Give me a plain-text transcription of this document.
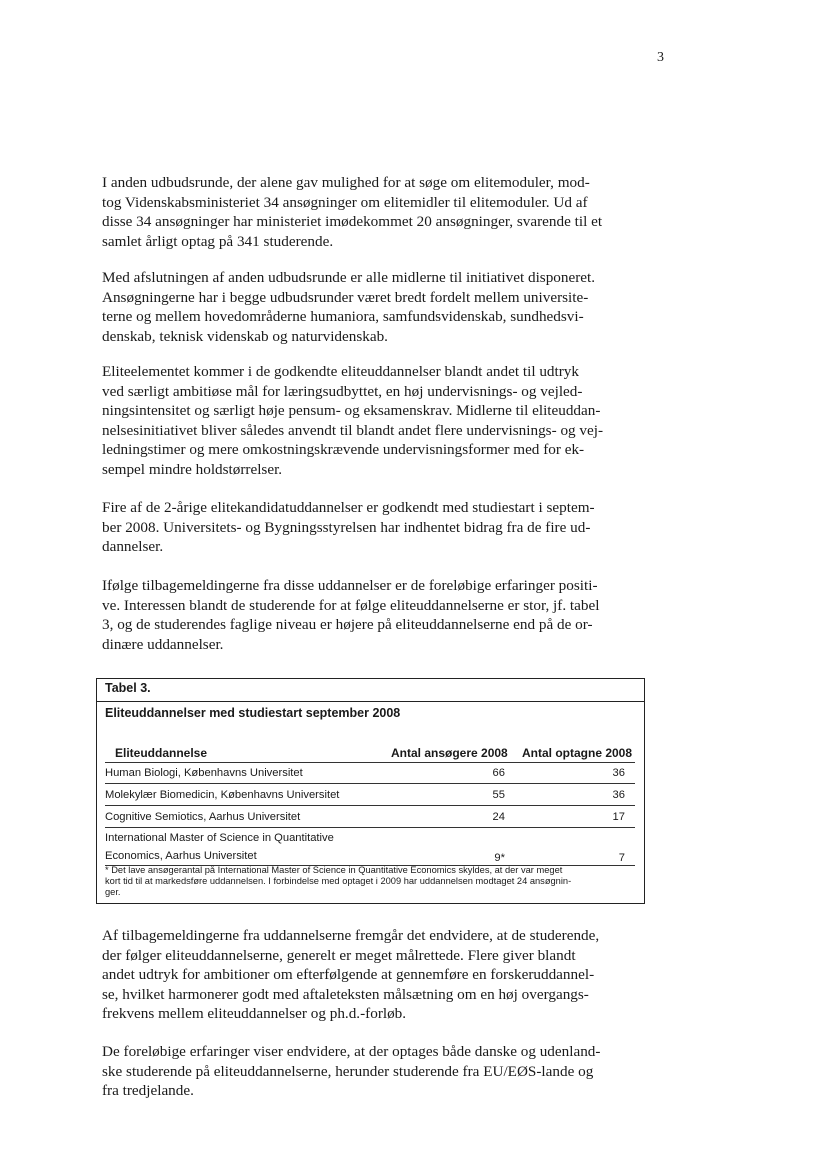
3

I anden udbudsrunde, der alene gav mulighed for at søge om elitemoduler, mod-
tog Videnskabsministeriet 34 ansøgninger om elitemidler til elitemoduler. Ud af
disse 34 ansøgninger har ministeriet imødekommet 20 ansøgninger, svarende til et
samlet årligt optag på 341 studerende.

Med afslutningen af anden udbudsrunde er alle midlerne til initiativet disponeret.
Ansøgningerne har i begge udbudsrunder været bredt fordelt mellem universite-
terne og mellem hovedområderne humaniora, samfundsvidenskab, sundhedsvi-
denskab, teknisk videnskab og naturvidenskab.

Eliteelementet kommer i de godkendte eliteuddannelser blandt andet til udtryk
ved særligt ambitiøse mål for læringsudbyttet, en høj undervisnings- og vejled-
ningsintensitet og særligt høje pensum- og eksamenskrav. Midlerne til eliteuddan-
nelsesinitiativet bliver således anvendt til blandt andet flere undervisnings- og vej-
ledningstimer og mere omkostningskrævende undervisningsformer med for ek-
sempel mindre holdstørrelser.

Fire af de 2-årige elitekandidatuddannelser er godkendt med studiestart i septem-
ber 2008. Universitets- og Bygningsstyrelsen har indhentet bidrag fra de fire ud-
dannelser.

Ifølge tilbagemeldingerne fra disse uddannelser er de foreløbige erfaringer positi-
ve. Interessen blandt de studerende for at følge eliteuddannelserne er stor, jf. tabel
3, og de studerendes faglige niveau er højere på eliteuddannelserne end på de or-
dinære uddannelser.

Tabel 3.
Eliteuddannelser med studiestart september 2008
Eliteuddannelse	Antal ansøgere 2008 Antal optagne 2008
Human Biologi, Københavns Universitet	66	36
Molekylær Biomedicin, Københavns Universitet	55	36
Cognitive Semiotics, Aarhus Universitet	24	17
International Master of Science in Quantitative
Economics, Aarhus Universitet	9*	7
* Det lave ansøgerantal på International Master of Science in Quantitative Economics skyldes, at der var meget
kort tid til at markedsføre uddannelsen. I forbindelse med optaget i 2009 har uddannelsen modtaget 24 ansøgnin-
ger.

Af tilbagemeldingerne fra uddannelserne fremgår det endvidere, at de studerende,
der følger eliteuddannelserne, generelt er meget målrettede. Flere giver blandt
andet udtryk for ambitioner om efterfølgende at gennemføre en forskeruddannel-
se, hvilket harmonerer godt med aftaleteksten målsætning om en høj overgangs-
frekvens mellem eliteuddannelser og ph.d.-forløb.

De foreløbige erfaringer viser endvidere, at der optages både danske og udenland-
ske studerende på eliteuddannelserne, herunder studerende fra EU/EØS-lande og
fra tredjelande.
